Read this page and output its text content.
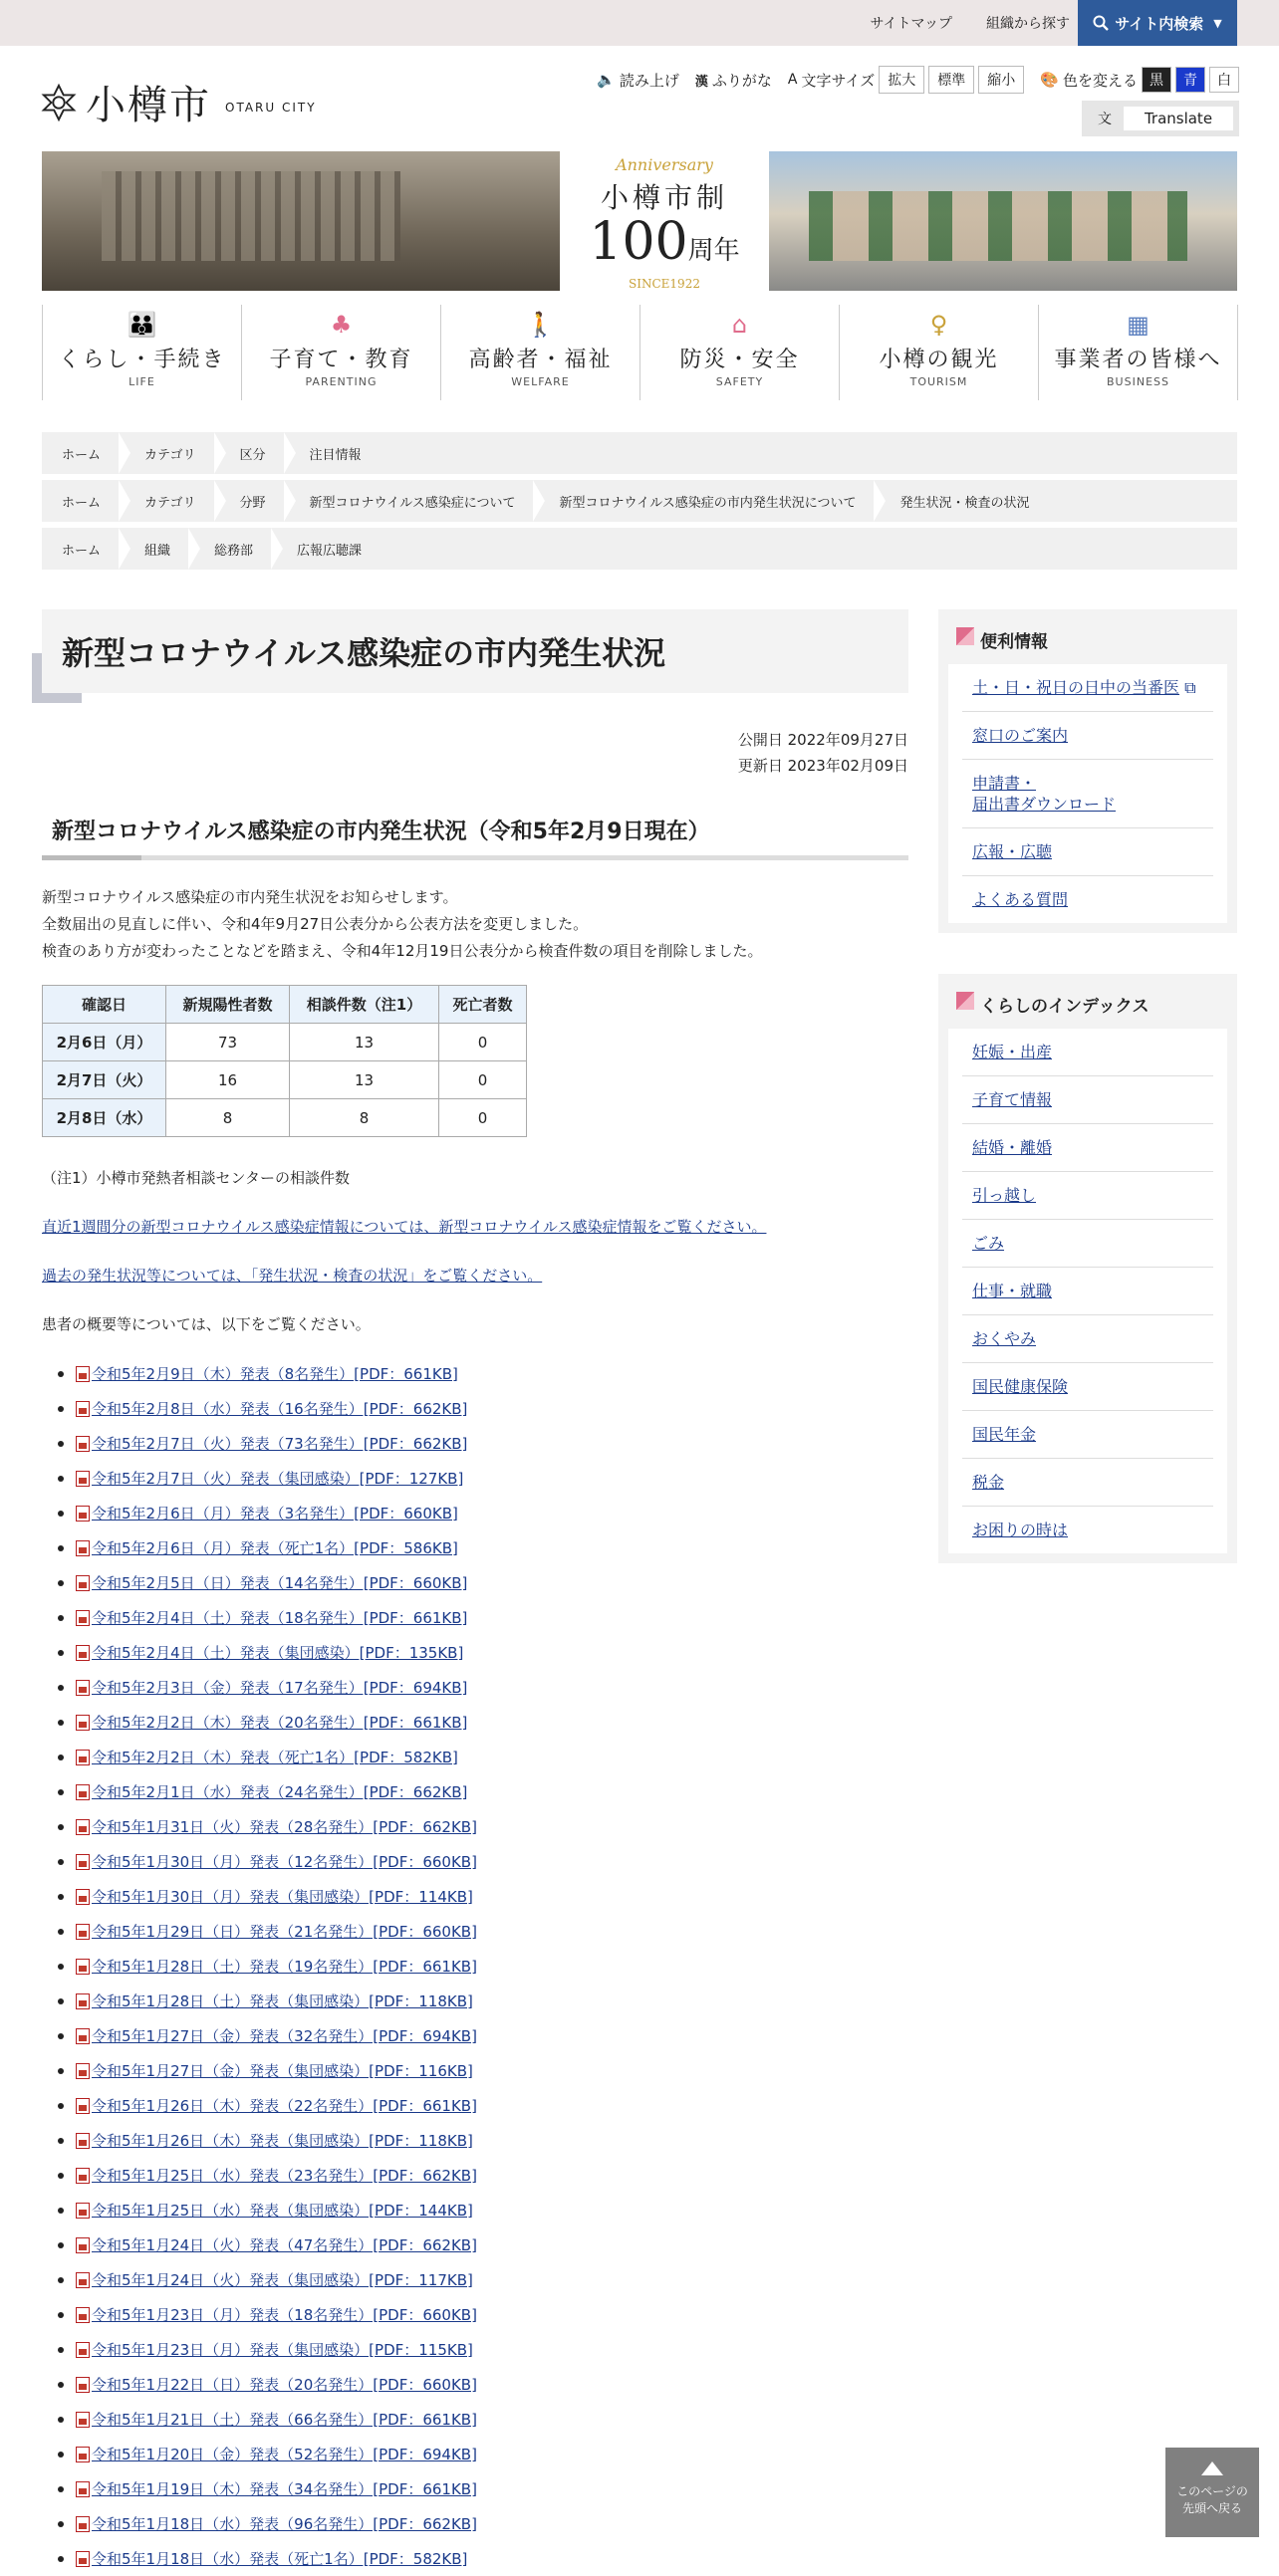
サイトマップ 組織から探す	サイト内検索 ▼
小樽市 OTARU CITY
🔈 読み上げ 漢 ふりがな A 文字サイズ 拡大	標準	縮小	🎨 色を変える 黒	青	白
文	Translate
Anniversary
小樽市制
100周年
SINCE1922
👪
くらし・手続き
LIFE
♣
子育て・教育
PARENTING
🚶
高齢者・福祉
WELFARE
⌂
防災・安全
SAFETY
♀
小樽の観光
TOURISM
▦
事業者の皆様へ
BUSINESS
ホーム	カテゴリ	区分	注目情報
ホーム	カテゴリ	分野	新型コロナウイルス感染症について	新型コロナウイルス感染症の市内発生状況について	発生状況・検査の状況
ホーム	組織	総務部	広報広聴課
新型コロナウイルス感染症の市内発生状況
公開日 2022年09月27日
更新日 2023年02月09日
新型コロナウイルス感染症の市内発生状況（令和5年2月9日現在）
新型コロナウイルス感染症の市内発生状況をお知らせします。
全数届出の見直しに伴い、令和4年9月27日公表分から公表方法を変更しました。
検査のあり方が変わったことなどを踏まえ、令和4年12月19日公表分から検査件数の項目を削除しました。
確認日	新規陽性者数	相談件数（注1）	死亡者数
2月6日（月）	73	13	0
2月7日（火）	16	13	0
2月8日（水）	8	8	0
（注1）小樽市発熱者相談センターの相談件数
直近1週間分の新型コロナウイルス感染症情報については、新型コロナウイルス感染症情報をご覧ください。
過去の発生状況等については、「発生状況・検査の状況」をご覧ください。
患者の概要等については、以下をご覧ください。
令和5年2月9日（木）発表（8名発生）[PDF：661KB]
令和5年2月8日（水）発表（16名発生）[PDF：662KB]
令和5年2月7日（火）発表（73名発生）[PDF：662KB]
令和5年2月7日（火）発表（集団感染）[PDF：127KB]
令和5年2月6日（月）発表（3名発生）[PDF：660KB]
令和5年2月6日（月）発表（死亡1名）[PDF：586KB]
令和5年2月5日（日）発表（14名発生）[PDF：660KB]
令和5年2月4日（土）発表（18名発生）[PDF：661KB]
令和5年2月4日（土）発表（集団感染）[PDF：135KB]
令和5年2月3日（金）発表（17名発生）[PDF：694KB]
令和5年2月2日（木）発表（20名発生）[PDF：661KB]
令和5年2月2日（木）発表（死亡1名）[PDF：582KB]
令和5年2月1日（水）発表（24名発生）[PDF：662KB]
令和5年1月31日（火）発表（28名発生）[PDF：662KB]
令和5年1月30日（月）発表（12名発生）[PDF：660KB]
令和5年1月30日（月）発表（集団感染）[PDF：114KB]
令和5年1月29日（日）発表（21名発生）[PDF：660KB]
令和5年1月28日（土）発表（19名発生）[PDF：661KB]
令和5年1月28日（土）発表（集団感染）[PDF：118KB]
令和5年1月27日（金）発表（32名発生）[PDF：694KB]
令和5年1月27日（金）発表（集団感染）[PDF：116KB]
令和5年1月26日（木）発表（22名発生）[PDF：661KB]
令和5年1月26日（木）発表（集団感染）[PDF：118KB]
令和5年1月25日（水）発表（23名発生）[PDF：662KB]
令和5年1月25日（水）発表（集団感染）[PDF：144KB]
令和5年1月24日（火）発表（47名発生）[PDF：662KB]
令和5年1月24日（火）発表（集団感染）[PDF：117KB]
令和5年1月23日（月）発表（18名発生）[PDF：660KB]
令和5年1月23日（月）発表（集団感染）[PDF：115KB]
令和5年1月22日（日）発表（20名発生）[PDF：660KB]
令和5年1月21日（土）発表（66名発生）[PDF：661KB]
令和5年1月20日（金）発表（52名発生）[PDF：694KB]
令和5年1月19日（木）発表（34名発生）[PDF：661KB]
令和5年1月18日（水）発表（96名発生）[PDF：662KB]
令和5年1月18日（水）発表（死亡1名）[PDF：582KB]
便利情報
土・日・祝日の日中の当番医 ⧉
窓口のご案内
申請書・
届出書ダウンロード
広報・広聴
よくある質問
くらしのインデックス
妊娠・出産
子育て情報
結婚・離婚
引っ越し
ごみ
仕事・就職
おくやみ
国民健康保険
国民年金
税金
お困りの時は
このページの
先頭へ戻る
